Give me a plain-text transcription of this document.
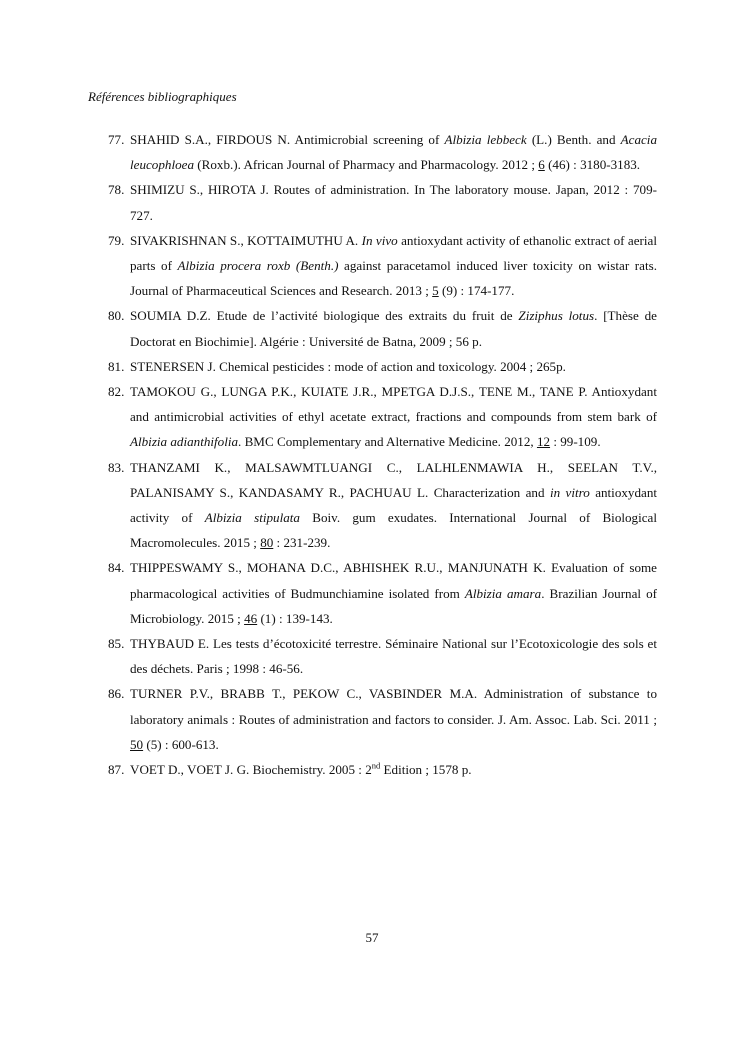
Références bibliographiques
77. SHAHID S.A., FIRDOUS N. Antimicrobial screening of Albizia lebbeck (L.) Benth. and Acacia leucophloea (Roxb.). African Journal of Pharmacy and Pharmacology. 2012 ; 6 (46) : 3180-3183.
78. SHIMIZU S., HIROTA J. Routes of administration. In The laboratory mouse. Japan, 2012 : 709-727.
79. SIVAKRISHNAN S., KOTTAIMUTHU A. In vivo antioxydant activity of ethanolic extract of aerial parts of Albizia procera roxb (Benth.) against paracetamol induced liver toxicity on wistar rats. Journal of Pharmaceutical Sciences and Research. 2013 ; 5 (9) : 174-177.
80. SOUMIA D.Z. Etude de l’activité biologique des extraits du fruit de Ziziphus lotus. [Thèse de Doctorat en Biochimie]. Algérie : Université de Batna, 2009 ; 56 p.
81. STENERSEN J. Chemical pesticides : mode of action and toxicology. 2004 ; 265p.
82. TAMOKOU G., LUNGA P.K., KUIATE J.R., MPETGA D.J.S., TENE M., TANE P. Antioxydant and antimicrobial activities of ethyl acetate extract, fractions and compounds from stem bark of Albizia adianthifolia. BMC Complementary and Alternative Medicine. 2012, 12 : 99-109.
83. THANZAMI K., MALSAWMTLUANGI C., LALHLENMAWIA H., SEELAN T.V., PALANISAMY S., KANDASAMY R., PACHUAU L. Characterization and in vitro antioxydant activity of Albizia stipulata Boiv. gum exudates. International Journal of Biological Macromolecules. 2015 ; 80 : 231-239.
84. THIPPESWAMY S., MOHANA D.C., ABHISHEK R.U., MANJUNATH K. Evaluation of some pharmacological activities of Budmunchiamine isolated from Albizia amara. Brazilian Journal of Microbiology. 2015 ; 46 (1) : 139-143.
85. THYBAUD E. Les tests d’écotoxicité terrestre. Séminaire National sur l’Ecotoxicologie des sols et des déchets. Paris ; 1998 : 46-56.
86. TURNER P.V., BRABB T., PEKOW C., VASBINDER M.A. Administration of substance to laboratory animals : Routes of administration and factors to consider. J. Am. Assoc. Lab. Sci. 2011 ; 50 (5) : 600-613.
87. VOET D., VOET J. G. Biochemistry. 2005 : 2nd Edition ; 1578 p.
57
